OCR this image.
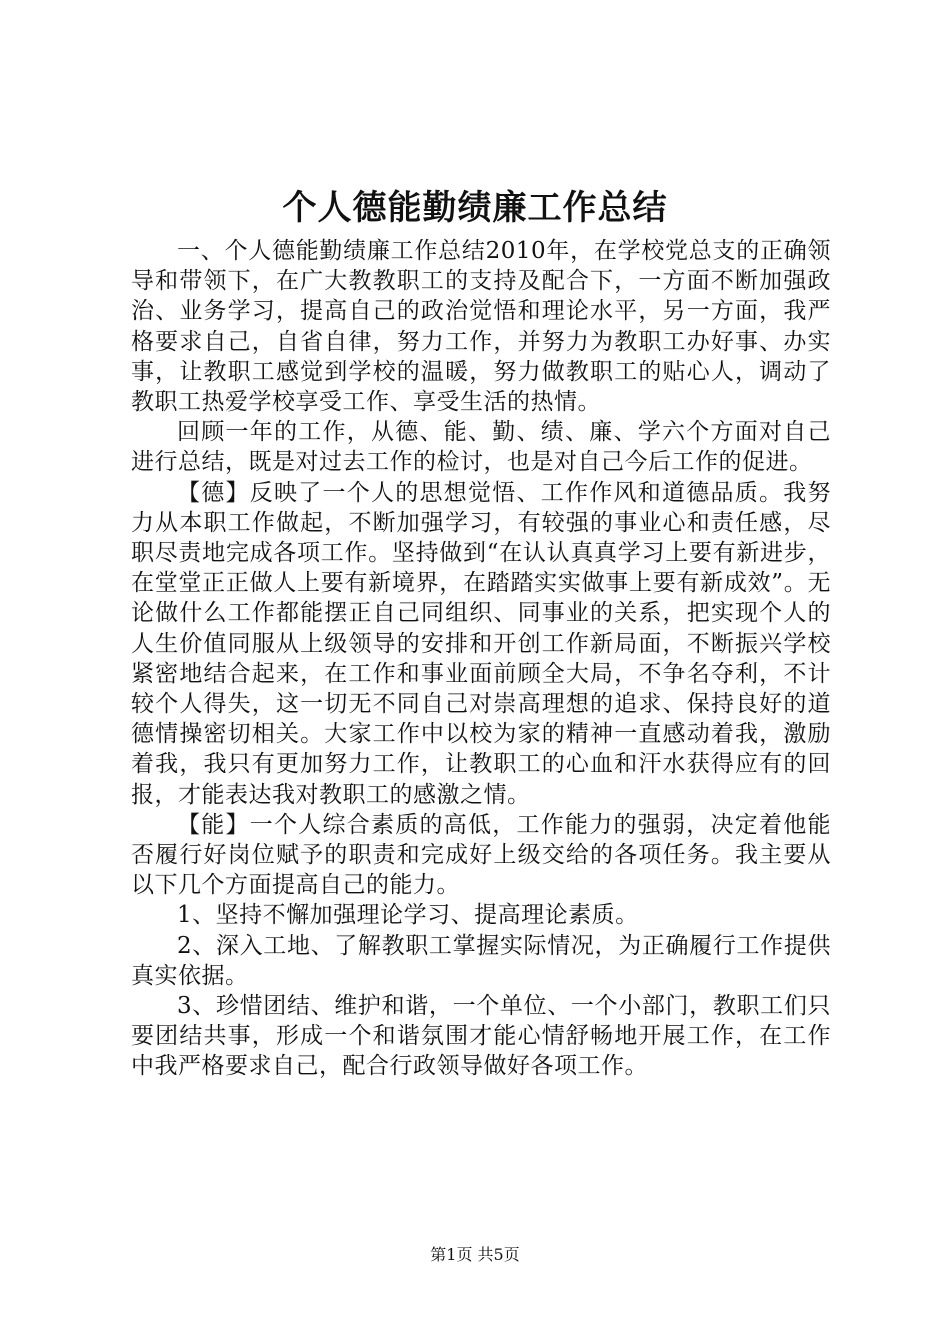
个人德能勤绩廉工作总结

一、个人德能勤绩廉工作总结2010年，在学校党总支的正确领导和带领下，在广大教教职工的支持及配合下，一方面不断加强政治、业务学习，提高自己的政治觉悟和理论水平，另一方面，我严格要求自己，自省自律，努力工作，并努力为教职工办好事、办实事，让教职工感觉到学校的温暖，努力做教职工的贴心人，调动了教职工热爱学校享受工作、享受生活的热情。

回顾一年的工作，从德、能、勤、绩、廉、学六个方面对自己进行总结，既是对过去工作的检讨，也是对自己今后工作的促进。

【德】反映了一个人的思想觉悟、工作作风和道德品质。我努力从本职工作做起，不断加强学习，有较强的事业心和责任感，尽职尽责地完成各项工作。坚持做到“在认认真真学习上要有新进步，在堂堂正正做人上要有新境界，在踏踏实实做事上要有新成效”。无论做什么工作都能摆正自己同组织、同事业的关系，把实现个人的人生价值同服从上级领导的安排和开创工作新局面，不断振兴学校紧密地结合起来，在工作和事业面前顾全大局，不争名夺利，不计较个人得失，这一切无不同自己对崇高理想的追求、保持良好的道德情操密切相关。大家工作中以校为家的精神一直感动着我，激励着我，我只有更加努力工作，让教职工的心血和汗水获得应有的回报，才能表达我对教职工的感激之情。

【能】一个人综合素质的高低，工作能力的强弱，决定着他能否履行好岗位赋予的职责和完成好上级交给的各项任务。我主要从以下几个方面提高自己的能力。

1、坚持不懈加强理论学习、提高理论素质。

2、深入工地、了解教职工掌握实际情况，为正确履行工作提供真实依据。

3、珍惜团结、维护和谐，一个单位、一个小部门，教职工们只要团结共事，形成一个和谐氛围才能心情舒畅地开展工作，在工作中我严格要求自己，配合行政领导做好各项工作。

第1页 共5页
